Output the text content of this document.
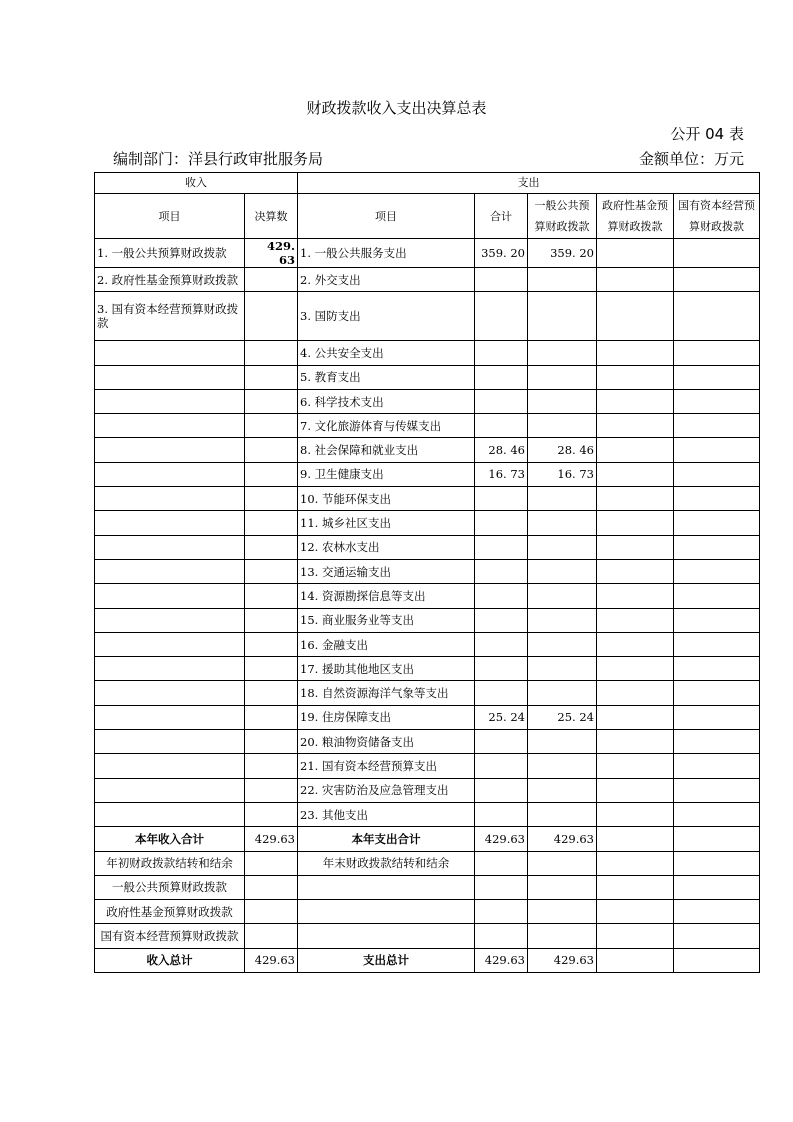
财政拨款收入支出决算总表
公开 04 表
编制部门：洋县行政审批服务局	金额单位：万元
收入		支出				
项目	决算数	项目	合计	一般公共预算财政拨款	政府性基金预算财政拨款	国有资本经营预算财政拨款
1. 一般公共预算财政拨款	429. 63	1. 一般公共服务支出	359. 20	359. 20		
2. 政府性基金预算财政拨款		2. 外交支出				
3. 国有资本经营预算财政拨款		3. 国防支出				
		4. 公共安全支出				
		5. 教育支出				
		6. 科学技术支出				
		7. 文化旅游体育与传媒支出				
		8. 社会保障和就业支出	28. 46	28. 46		
		9. 卫生健康支出	16. 73	16. 73		
		10. 节能环保支出				
		11. 城乡社区支出				
		12. 农林水支出				
		13. 交通运输支出				
		14. 资源勘探信息等支出				
		15. 商业服务业等支出				
		16. 金融支出				
		17. 援助其他地区支出				
		18. 自然资源海洋气象等支出				
		19. 住房保障支出	25. 24	25. 24		
		20. 粮油物资储备支出				
		21. 国有资本经营预算支出				
		22. 灾害防治及应急管理支出				
		23. 其他支出				
本年收入合计	429.63	本年支出合计	429.63	429.63		
年初财政拨款结转和结余		年末财政拨款结转和结余				
一般公共预算财政拨款						
政府性基金预算财政拨款						
国有资本经营预算财政拨款						
收入总计	429.63	支出总计	429.63	429.63		
